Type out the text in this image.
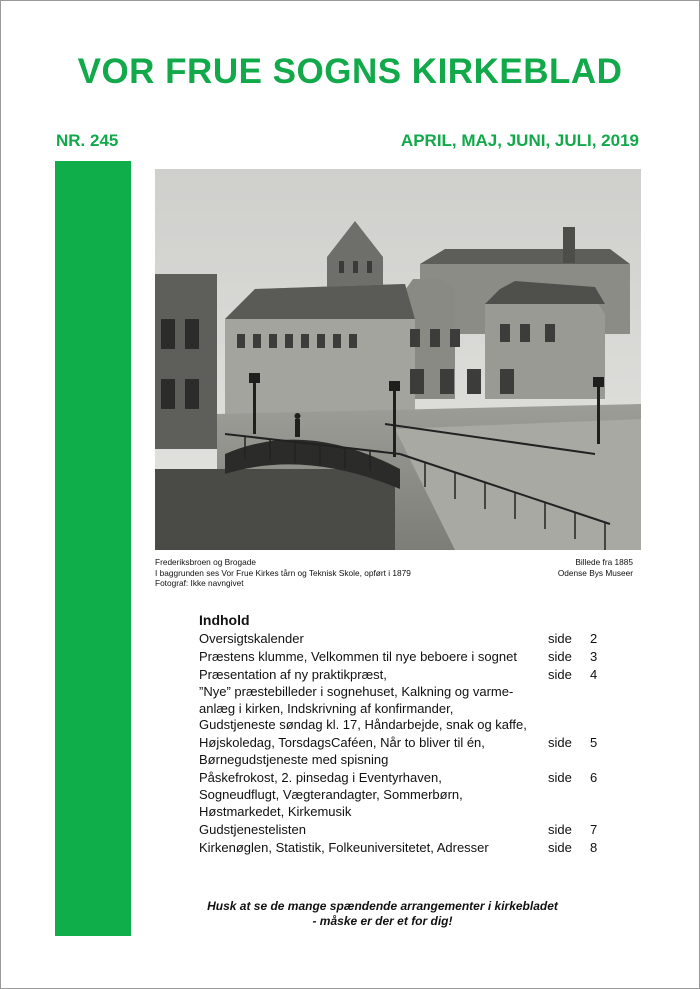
VOR FRUE SOGNS KIRKEBLAD
NR. 245	APRIL, MAJ, JUNI, JULI, 2019
Frederiksbroen og Brogade
I baggrunden ses Vor Frue Kirkes tårn og Teknisk Skole, opført i 1879
Fotograf: Ikke navngivet
Billede fra 1885
Odense Bys Museer
Indhold
Oversigtskalender	side 2
Præstens klumme, Velkommen til nye beboere i sognet	side 3
Præsentation af ny praktikpræst,
”Nye” præstebilleder i sognehuset, Kalkning og varme-
anlæg i kirken, Indskrivning af konfirmander,
Gudstjeneste søndag kl. 17, Håndarbejde, snak og kaffe,
side 4
Højskoledag, TorsdagsCaféen, Når to bliver til én,
Børnegudstjeneste med spisning
side 5
Påskefrokost, 2. pinsedag i Eventyrhaven,
Sogneudflugt, Vægterandagter, Sommerbørn,
Høstmarkedet, Kirkemusik
side 6
Gudstjenestelisten	side 7
Kirkenøglen, Statistik, Folkeuniversitetet, Adresser	side 8
Husk at se de mange spændende arrangementer i kirkebladet
- måske er der et for dig!
